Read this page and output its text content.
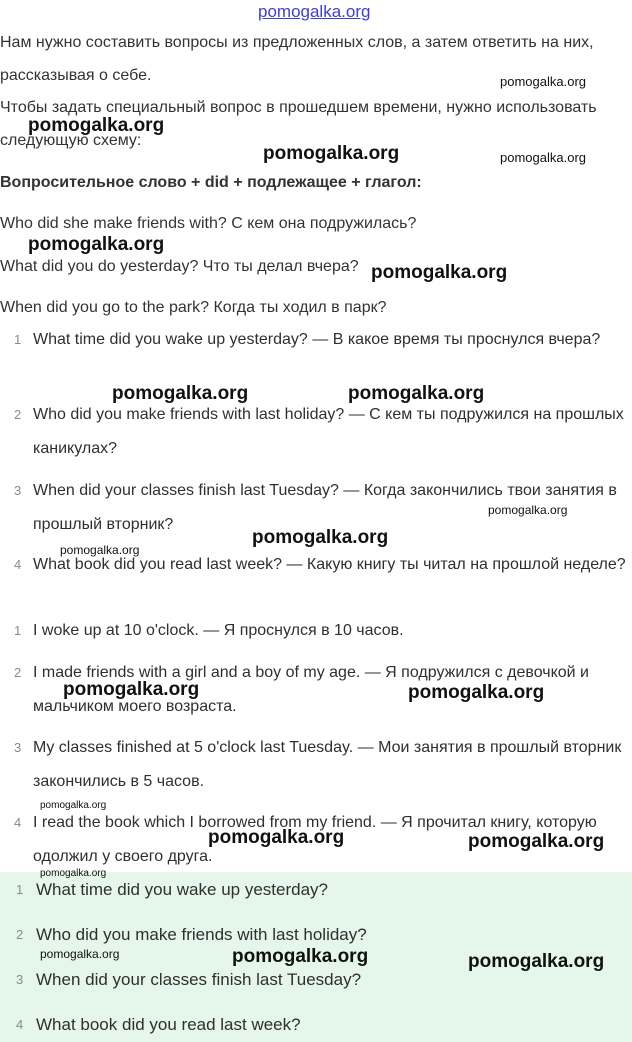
pomogalka.org

Нам нужно составить вопросы из предложенных слов, а затем ответить на них, рассказывая о себе.

Чтобы задать специальный вопрос в прошедшем времени, нужно использовать следующую схему:

Вопросительное слово + did + подлежащее + глагол:

Who did she make friends with? С кем она подружилась?

What did you do yesterday? Что ты делал вчера?

When did you go to the park? Когда ты ходил в парк?

1 What time did you wake up yesterday? — В какое время ты проснулся вчера?
2 Who did you make friends with last holiday? — С кем ты подружился на прошлых каникулах?
3 When did your classes finish last Tuesday? — Когда закончились твои занятия в прошлый вторник?
4 What book did you read last week? — Какую книгу ты читал на прошлой неделе?
1 I woke up at 10 o'clock. — Я проснулся в 10 часов.
2 I made friends with a girl and a boy of my age. — Я подружился с девочкой и мальчиком моего возраста.
3 My classes finished at 5 o'clock last Tuesday. — Мои занятия в прошлый вторник закончились в 5 часов.
4 I read the book which I borrowed from my friend. — Я прочитал книгу, которую одолжил у своего друга.
1 What time did you wake up yesterday?
2 Who did you make friends with last holiday?
3 When did your classes finish last Tuesday?
4 What book did you read last week?
pomogalka.org
pomogalka.org
pomogalka.org	pomogalka.org
pomogalka.org
pomogalka.org
pomogalka.org	pomogalka.org
pomogalka.org
pomogalka.org
pomogalka.org
pomogalka.org	pomogalka.org
pomogalka.org
pomogalka.org	pomogalka.org
pomogalka.org
pomogalka.org	pomogalka.org	pomogalka.org
